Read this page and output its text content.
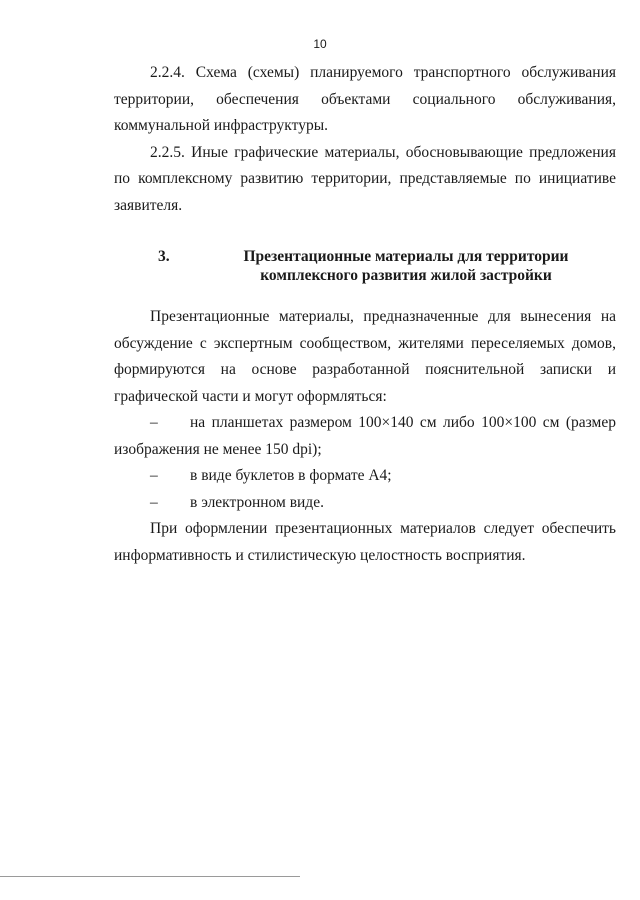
10

2.2.4. Схема (схемы) планируемого транспортного обслуживания территории, обеспечения объектами социального обслуживания, коммунальной инфраструктуры.

2.2.5. Иные графические материалы, обосновывающие предложения по комплексному развитию территории, представляемые по инициативе заявителя.

3.	Презентационные материалы для территории комплексного развития жилой застройки

Презентационные материалы, предназначенные для вынесения на обсуждение с экспертным сообществом, жителями переселяемых домов, формируются на основе разработанной пояснительной записки и графической части и могут оформляться:

– на планшетах размером 100×140 см либо 100×100 см (размер изображения не менее 150 dpi);

– в виде буклетов в формате А4;

– в электронном виде.

При оформлении презентационных материалов следует обеспечить информативность и стилистическую целостность восприятия.
